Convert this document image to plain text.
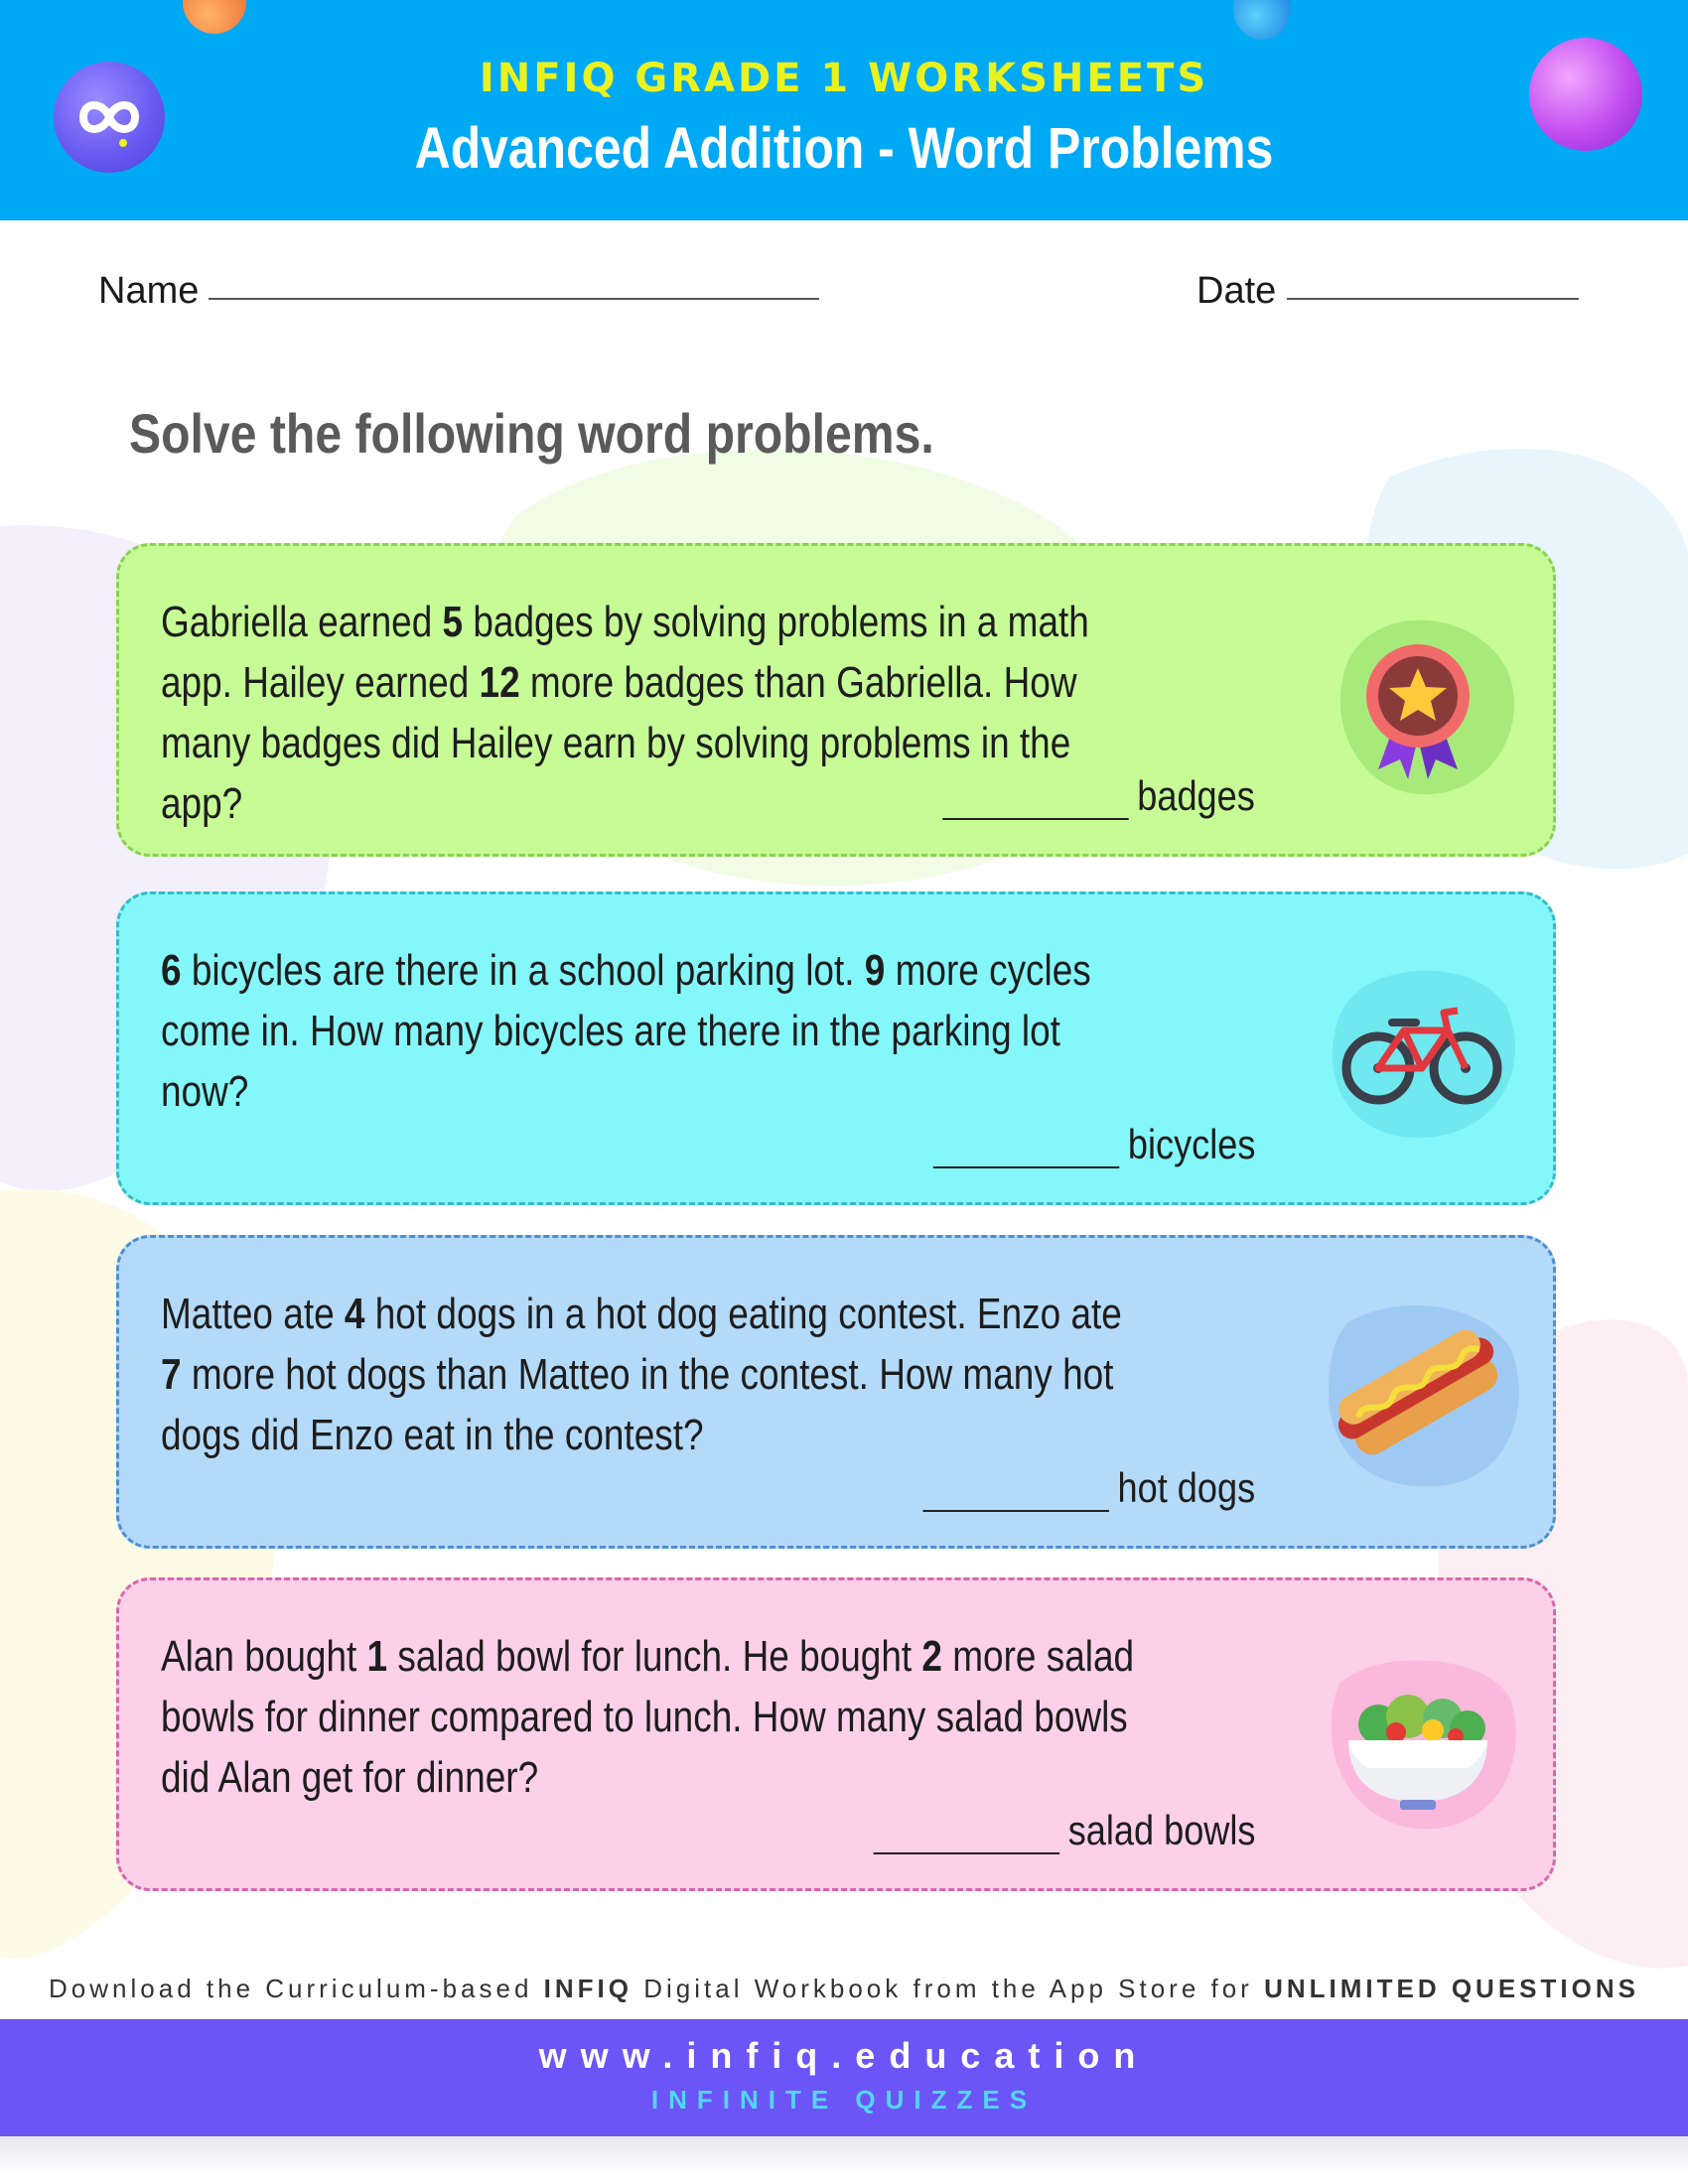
INFIQ GRADE 1 WORKSHEETS
Advanced Addition - Word Problems
Name	Date
Solve the following word problems.
Gabriella earned 5 badges by solving problems in a math app. Hailey earned 12 more badges than Gabriella. How many badges did Hailey earn by solving problems in the app?	badges
6 bicycles are there in a school parking lot. 9 more cycles come in. How many bicycles are there in the parking lot now?
bicycles
Matteo ate 4 hot dogs in a hot dog eating contest. Enzo ate 7 more hot dogs than Matteo in the contest. How many hot dogs did Enzo eat in the contest?
hot dogs
Alan bought 1 salad bowl for lunch. He bought 2 more salad bowls for dinner compared to lunch. How many salad bowls did Alan get for dinner?
salad bowls
Download the Curriculum-based INFIQ Digital Workbook from the App Store for UNLIMITED QUESTIONS
www.infiq.education
INFINITE QUIZZES
